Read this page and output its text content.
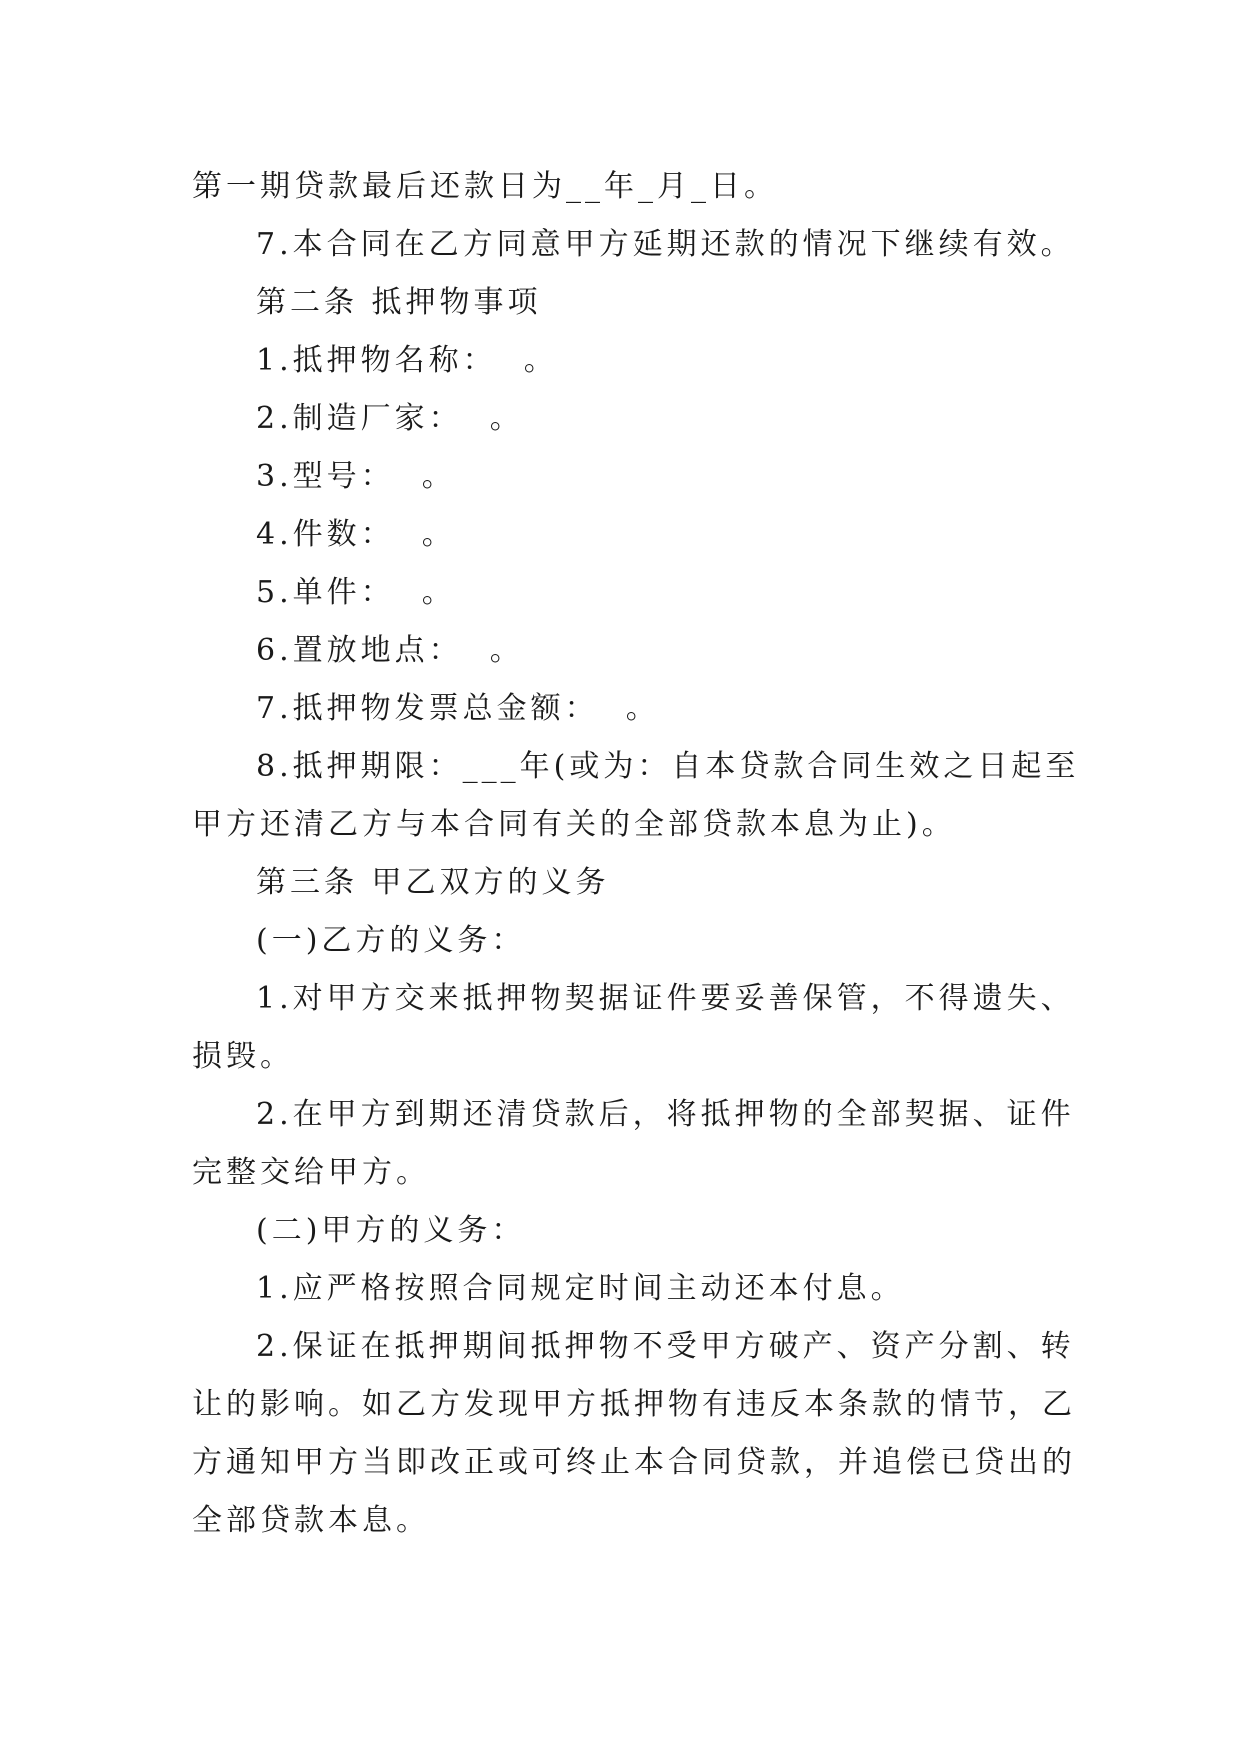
第一期贷款最后还款日为__年_月_日。
7.本合同在乙方同意甲方延期还款的情况下继续有效。
第二条 抵押物事项
1.抵押物名称：  。
2.制造厂家：  。
3.型号：  。
4.件数：  。
5.单件：  。
6.置放地点：  。
7.抵押物发票总金额：  。
8.抵押期限：___年(或为：自本贷款合同生效之日起至
甲方还清乙方与本合同有关的全部贷款本息为止)。
第三条 甲乙双方的义务
(一)乙方的义务：
1.对甲方交来抵押物契据证件要妥善保管，不得遗失、
损毁。
2.在甲方到期还清贷款后，将抵押物的全部契据、证件
完整交给甲方。
(二)甲方的义务：
1.应严格按照合同规定时间主动还本付息。
2.保证在抵押期间抵押物不受甲方破产、资产分割、转
让的影响。如乙方发现甲方抵押物有违反本条款的情节，乙
方通知甲方当即改正或可终止本合同贷款，并追偿已贷出的
全部贷款本息。
